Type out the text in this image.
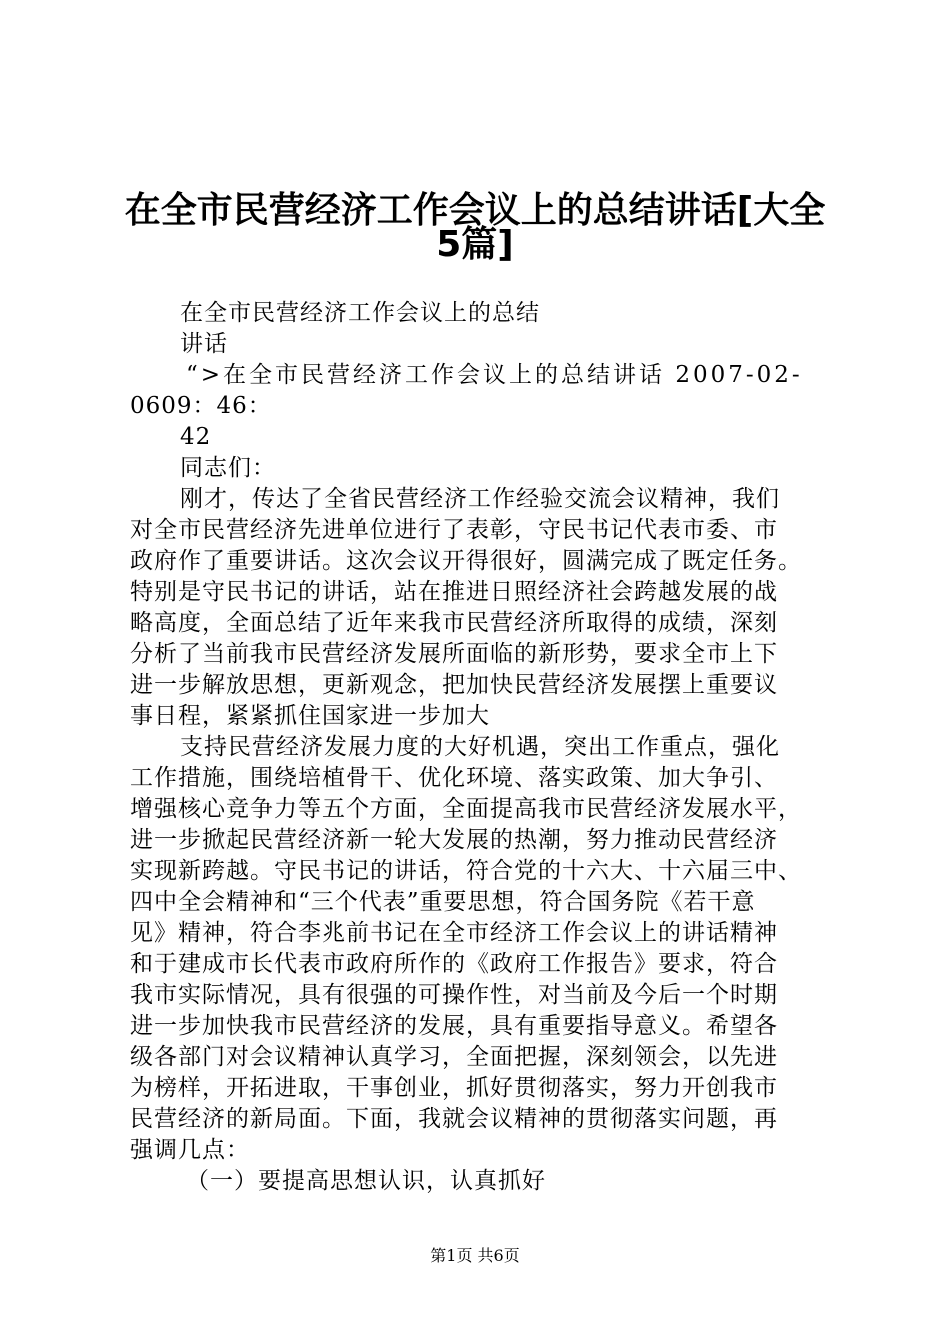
在全市民营经济工作会议上的总结讲话[大全
5篇]
在全市民营经济工作会议上的总结
讲话
“>在全市民营经济工作会议上的总结讲话 2007-02-
0609：46：
42
同志们：
刚才，传达了全省民营经济工作经验交流会议精神，我们
对全市民营经济先进单位进行了表彰，守民书记代表市委、市
政府作了重要讲话。这次会议开得很好，圆满完成了既定任务。
特别是守民书记的讲话，站在推进日照经济社会跨越发展的战
略高度，全面总结了近年来我市民营经济所取得的成绩，深刻
分析了当前我市民营经济发展所面临的新形势，要求全市上下
进一步解放思想，更新观念，把加快民营经济发展摆上重要议
事日程，紧紧抓住国家进一步加大
支持民营经济发展力度的大好机遇，突出工作重点，强化
工作措施，围绕培植骨干、优化环境、落实政策、加大争引、
增强核心竞争力等五个方面，全面提高我市民营经济发展水平，
进一步掀起民营经济新一轮大发展的热潮，努力推动民营经济
实现新跨越。守民书记的讲话，符合党的十六大、十六届三中、
四中全会精神和“三个代表”重要思想，符合国务院《若干意
见》精神，符合李兆前书记在全市经济工作会议上的讲话精神
和于建成市长代表市政府所作的《政府工作报告》要求，符合
我市实际情况，具有很强的可操作性，对当前及今后一个时期
进一步加快我市民营经济的发展，具有重要指导意义。希望各
级各部门对会议精神认真学习，全面把握，深刻领会，以先进
为榜样，开拓进取，干事创业，抓好贯彻落实，努力开创我市
民营经济的新局面。下面，我就会议精神的贯彻落实问题，再
强调几点：
（一）要提高思想认识，认真抓好
第1页 共6页
